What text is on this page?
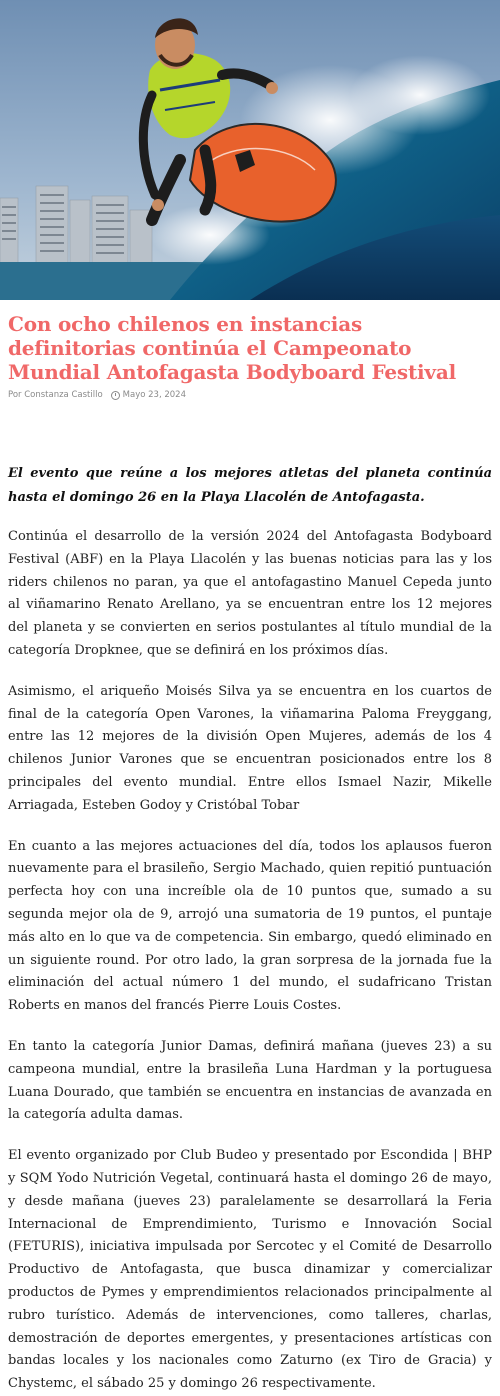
Con ocho chilenos en instancias definitorias continúa el Campeonato Mundial Antofagasta Bodyboard Festival
Por Constanza Castillo Mayo 23, 2024

El evento que reúne a los mejores atletas del planeta continúa hasta el domingo 26 en la Playa Llacolén de Antofagasta.

Continúa el desarrollo de la versión 2024 del Antofagasta Bodyboard Festival (ABF) en la Playa Llacolén y las buenas noticias para las y los riders chilenos no paran, ya que el antofagastino Manuel Cepeda junto al viñamarino Renato Arellano, ya se encuentran entre los 12 mejores del planeta y se convierten en serios postulantes al título mundial de la categoría Dropknee, que se definirá en los próximos días.

Asimismo, el ariqueño Moisés Silva ya se encuentra en los cuartos de final de la categoría Open Varones, la viñamarina Paloma Freyggang, entre las 12 mejores de la división Open Mujeres, además de los 4 chilenos Junior Varones que se encuentran posicionados entre los 8 principales del evento mundial. Entre ellos Ismael Nazir, Mikelle Arriagada, Esteben Godoy y Cristóbal Tobar

En cuanto a las mejores actuaciones del día, todos los aplausos fueron nuevamente para el brasileño, Sergio Machado, quien repitió puntuación perfecta hoy con una increíble ola de 10 puntos que, sumado a su segunda mejor ola de 9, arrojó una sumatoria de 19 puntos, el puntaje más alto en lo que va de competencia. Sin embargo, quedó eliminado en un siguiente round. Por otro lado, la gran sorpresa de la jornada fue la eliminación del actual número 1 del mundo, el sudafricano Tristan Roberts en manos del francés Pierre Louis Costes.

En tanto la categoría Junior Damas, definirá mañana (jueves 23) a su campeona mundial, entre la brasileña Luna Hardman y la portuguesa Luana Dourado, que también se encuentra en instancias de avanzada en la categoría adulta damas.

El evento organizado por Club Budeo y presentado por Escondida | BHP y SQM Yodo Nutrición Vegetal, continuará hasta el domingo 26 de mayo, y desde mañana (jueves 23) paralelamente se desarrollará la Feria Internacional de Emprendimiento, Turismo e Innovación Social (FETURIS), iniciativa impulsada por Sercotec y el Comité de Desarrollo Productivo de Antofagasta, que busca dinamizar y comercializar productos de Pymes y emprendimientos relacionados principalmente al rubro turístico. Además de intervenciones, como talleres, charlas, demostración de deportes emergentes, y presentaciones artísticas con bandas locales y los nacionales como Zaturno (ex Tiro de Gracia) y Chystemc, el sábado 25 y domingo 26 respectivamente.
